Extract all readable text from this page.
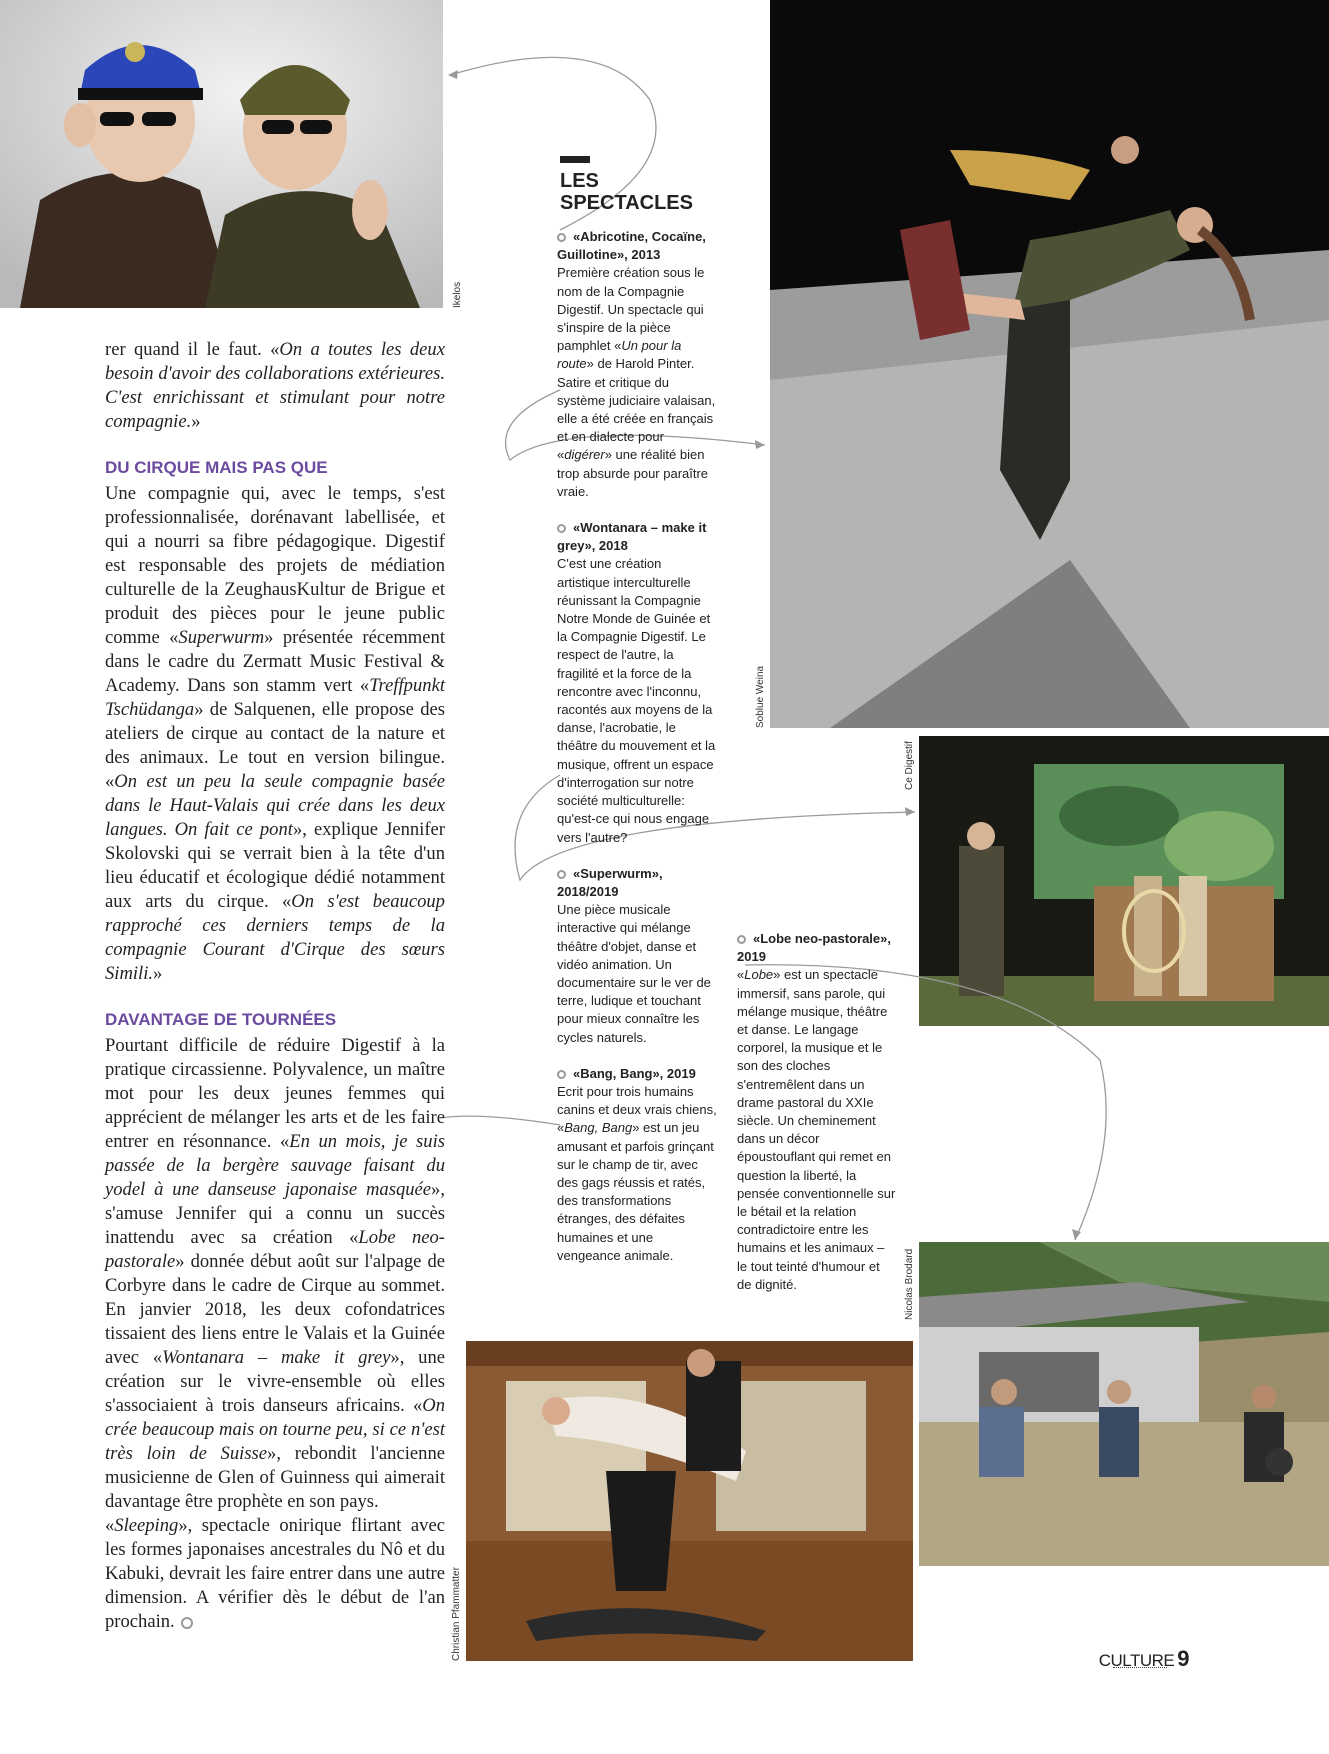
Ikelos
Soblue Weina
Ce Digestif
Nicolas Brodard
Christian Pfammatter

rer quand il le faut. «On a toutes les deux besoin d'avoir des collaborations extérieures. C'est enrichissant et stimulant pour notre compagnie.»

DU CIRQUE MAIS PAS QUE

Une compagnie qui, avec le temps, s'est professionnalisée, dorénavant labellisée, et qui a nourri sa fibre pédagogique. Digestif est responsable des projets de médiation culturelle de la ZeughausKultur de Brigue et produit des pièces pour le jeune public comme «Superwurm» présentée récemment dans le cadre du Zermatt Music Festival & Academy. Dans son stamm vert «Treffpunkt Tschüdanga» de Salquenen, elle propose des ateliers de cirque au contact de la nature et des animaux. Le tout en version bilingue. «On est un peu la seule compagnie basée dans le Haut-Valais qui crée dans les deux langues. On fait ce pont», explique Jennifer Skolovski qui se verrait bien à la tête d'un lieu éducatif et écologique dédié notamment aux arts du cirque. «On s'est beaucoup rapproché ces derniers temps de la compagnie Courant d'Cirque des sœurs Simili.»

DAVANTAGE DE TOURNÉES

Pourtant difficile de réduire Digestif à la pratique circassienne. Polyvalence, un maître mot pour les deux jeunes femmes qui apprécient de mélanger les arts et de les faire entrer en résonnance. «En un mois, je suis passée de la bergère sauvage faisant du yodel à une danseuse japonaise masquée», s'amuse Jennifer qui a connu un succès inattendu avec sa création «Lobe neo-pastorale» donnée début août sur l'alpage de Corbyre dans le cadre de Cirque au sommet. En janvier 2018, les deux cofondatrices tissaient des liens entre le Valais et la Guinée avec «Wontanara – make it grey», une création sur le vivre-ensemble où elles s'associaient à trois danseurs africains. «On crée beaucoup mais on tourne peu, si ce n'est très loin de Suisse», rebondit l'ancienne musicienne de Glen of Guinness qui aimerait davantage être prophète en son pays.

«Sleeping», spectacle onirique flirtant avec les formes japonaises ancestrales du Nô et du Kabuki, devrait les faire entrer dans une autre dimension. A vérifier dès le début de l'an prochain.

LES
SPECTACLES

«Abricotine, Cocaïne, Guillotine», 2013

Première création sous le nom de la Compagnie Digestif. Un spectacle qui s'inspire de la pièce pamphlet «Un pour la route» de Harold Pinter. Satire et critique du système judiciaire valaisan, elle a été créée en français et en dialecte pour «digérer» une réalité bien trop absurde pour paraître vraie.

«Wontanara – make it grey», 2018

C'est une création artistique interculturelle réunissant la Compagnie Notre Monde de Guinée et la Compagnie Digestif. Le respect de l'autre, la fragilité et la force de la rencontre avec l'inconnu, racontés aux moyens de la danse, l'acrobatie, le théâtre du mouvement et la musique, offrent un espace d'interrogation sur notre société multiculturelle: qu'est-ce qui nous engage vers l'autre?

«Superwurm», 2018/2019

Une pièce musicale interactive qui mélange théâtre d'objet, danse et vidéo animation. Un documentaire sur le ver de terre, ludique et touchant pour mieux connaître les cycles naturels.

«Bang, Bang», 2019

Ecrit pour trois humains canins et deux vrais chiens, «Bang, Bang» est un jeu amusant et parfois grinçant sur le champ de tir, avec des gags réussis et ratés, des transformations étranges, des défaites humaines et une vengeance animale.

«Lobe neo-pastorale», 2019

«Lobe» est un spectacle immersif, sans parole, qui mélange musique, théâtre et danse. Le langage corporel, la musique et le son des cloches s'entremêlent dans un drame pastoral du XXIe siècle. Un cheminement dans un décor époustouflant qui remet en question la liberté, la pensée conventionnelle sur le bétail et la relation contradictoire entre les humains et les animaux – le tout teinté d'humour et de dignité.

CULTURE 9
